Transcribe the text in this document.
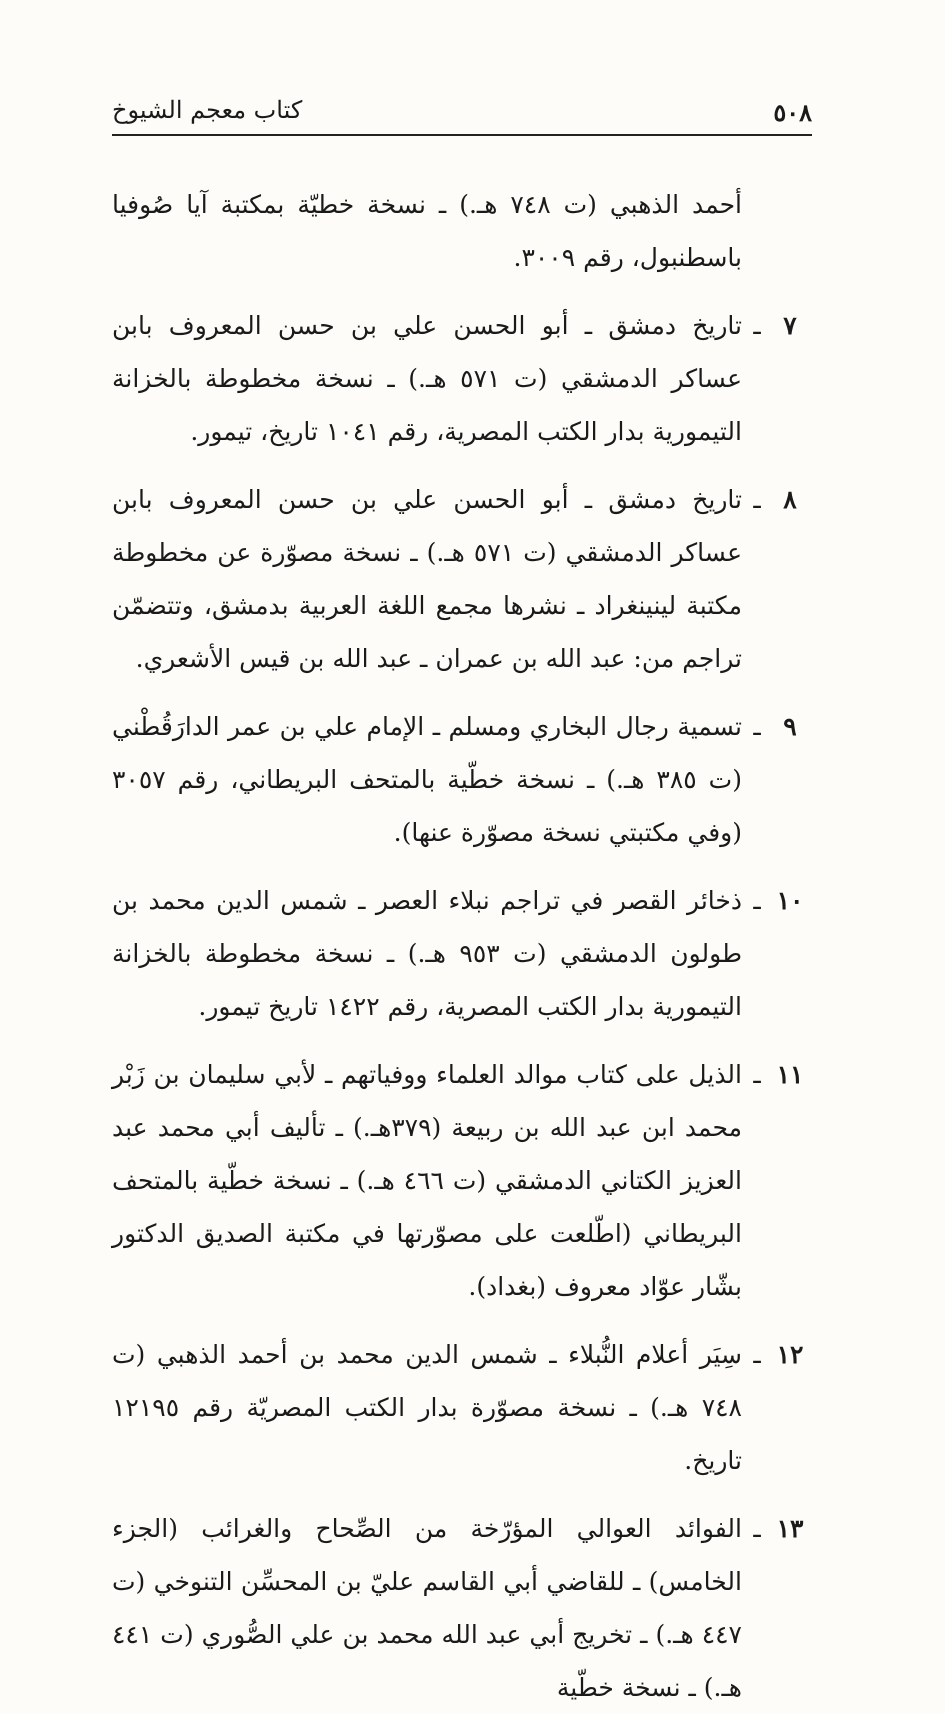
٥٠٨
كتاب معجم الشيوخ
أحمد الذهبي (ت ٧٤٨ هـ.) ـ نسخة خطيّة بمكتبة آيا صُوفيا باسطنبول، رقم ٣٠٠٩.
٧
ـ
تاريخ دمشق ـ أبو الحسن علي بن حسن المعروف بابن عساكر الدمشقي (ت ٥٧١ هـ.) ـ نسخة مخطوطة بالخزانة التيمورية بدار الكتب المصرية، رقم ١٠٤١ تاريخ، تيمور.
٨
ـ
تاريخ دمشق ـ أبو الحسن علي بن حسن المعروف بابن عساكر الدمشقي (ت ٥٧١ هـ.) ـ نسخة مصوّرة عن مخطوطة مكتبة لينينغراد ـ نشرها مجمع اللغة العربية بدمشق، وتتضمّن تراجم من: عبد الله بن عمران ـ عبد الله بن قيس الأشعري.
٩
ـ
تسمية رجال البخاري ومسلم ـ الإمام علي بن عمر الدارَقُطْني (ت ٣٨٥ هـ.) ـ نسخة خطّية بالمتحف البريطاني، رقم ٣٠٥٧ (وفي مكتبتي نسخة مصوّرة عنها).
١٠
ـ
ذخائر القصر في تراجم نبلاء العصر ـ شمس الدين محمد بن طولون الدمشقي (ت ٩٥٣ هـ.) ـ نسخة مخطوطة بالخزانة التيمورية بدار الكتب المصرية، رقم ١٤٢٢ تاريخ تيمور.
١١
ـ
الذيل على كتاب موالد العلماء ووفياتهم ـ لأبي سليمان بن زَبْر محمد ابن عبد الله بن ربيعة (٣٧٩هـ.) ـ تأليف أبي محمد عبد العزيز الكتاني الدمشقي (ت ٤٦٦ هـ.) ـ نسخة خطّية بالمتحف البريطاني (اطّلعت على مصوّرتها في مكتبة الصديق الدكتور بشّار عوّاد معروف (بغداد).
١٢
ـ
سِيَر أعلام النُّبلاء ـ شمس الدين محمد بن أحمد الذهبي (ت ٧٤٨ هـ.) ـ نسخة مصوّرة بدار الكتب المصريّة رقم ١٢١٩٥ تاريخ.
١٣
ـ
الفوائد العوالي المؤرّخة من الصِّحاح والغرائب (الجزء الخامس) ـ للقاضي أبي القاسم عليّ بن المحسِّن التنوخي (ت ٤٤٧ هـ.) ـ تخريج أبي عبد الله محمد بن علي الصُّوري (ت ٤٤١ هـ.) ـ نسخة خطّية
